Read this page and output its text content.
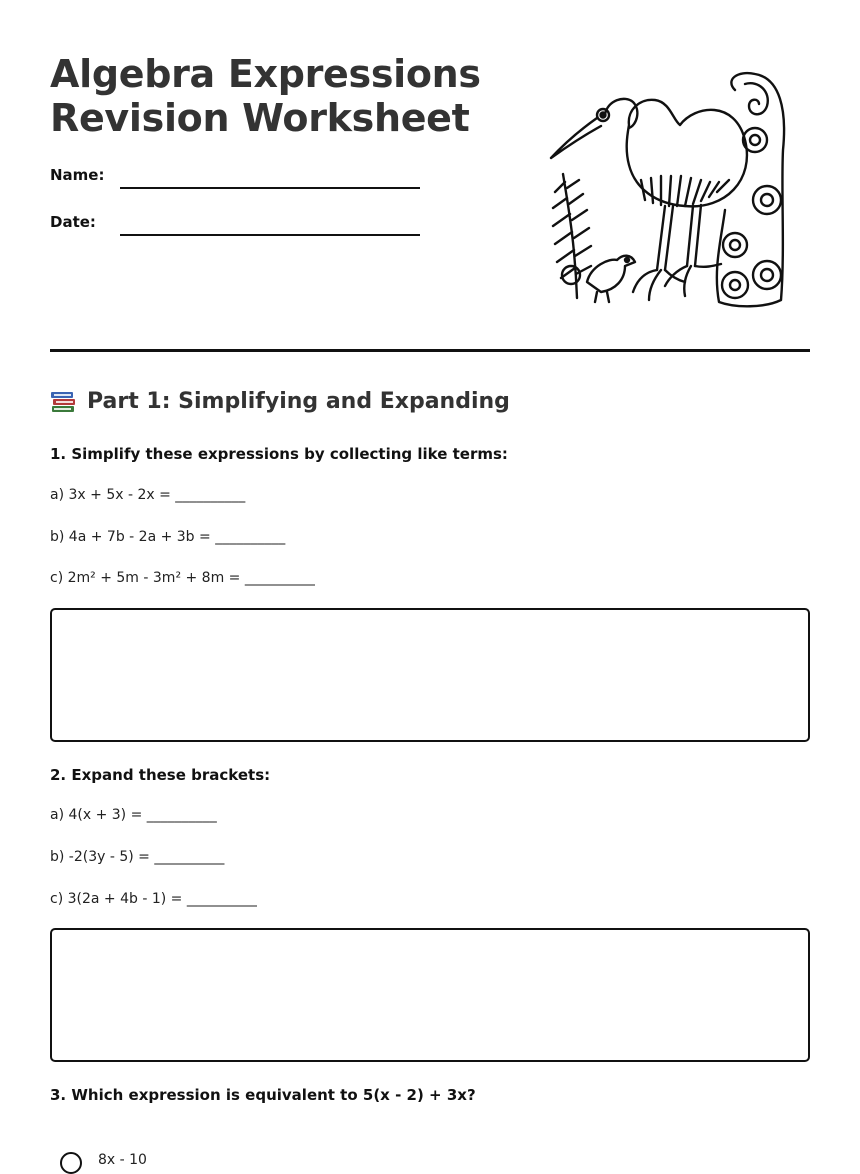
Algebra Expressions
Revision Worksheet
Name:
Date:
Part 1: Simplifying and Expanding
1. Simplify these expressions by collecting like terms:
a) 3x + 5x - 2x = __________
b) 4a + 7b - 2a + 3b = __________
c) 2m² + 5m - 3m² + 8m = __________
2. Expand these brackets:
a) 4(x + 3) = __________
b) -2(3y - 5) = __________
c) 3(2a + 4b - 1) = __________
3. Which expression is equivalent to 5(x - 2) + 3x?
8x - 10
